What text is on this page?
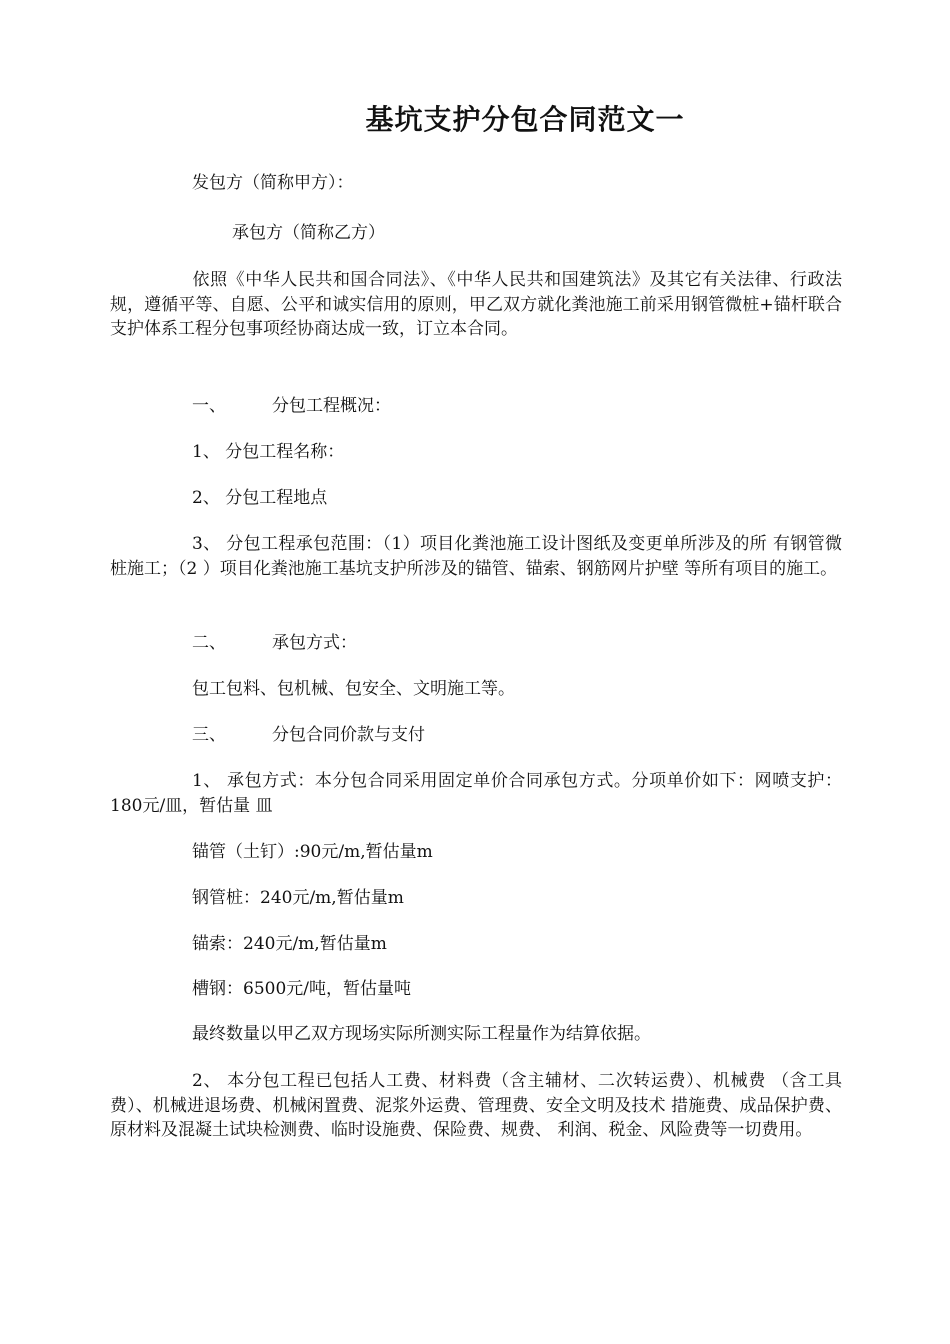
基坑支护分包合同范文一
发包方（简称甲方）：
承包方（简称乙方）
依照《中华人民共和国合同法》、《中华人民共和国建筑法》及其它有关法律、行政法规，遵循平等、自愿、公平和诚实信用的原则，甲乙双方就化粪池施工前采用钢管微桩+锚杆联合支护体系工程分包事项经协商达成一致，订立本合同。
一、	分包工程概况：
1、 分包工程名称：
2、 分包工程地点
3、 分包工程承包范围：（1）项目化粪池施工设计图纸及变更单所涉及的所 有钢管微桩施工；（2 ）项目化粪池施工基坑支护所涉及的锚管、锚索、钢筋网片护壁 等所有项目的施工。
二、	承包方式：
包工包料、包机械、包安全、文明施工等。
三、	分包合同价款与支付
1、 承包方式：本分包合同采用固定单价合同承包方式。分项单价如下：网喷支护：180元/皿，暂估量 皿
锚管（土钉）:90元/m,暂估量m
钢管桩：240元/m,暂估量m
锚索：240元/m,暂估量m
槽钢：6500元/吨，暂估量吨
最终数量以甲乙双方现场实际所测实际工程量作为结算依据。
2、 本分包工程已包括人工费、材料费（含主辅材、二次转运费）、机械费 （含工具费）、机械进退场费、机械闲置费、泥浆外运费、管理费、安全文明及技术 措施费、成品保护费、原材料及混凝土试块检测费、临时设施费、保险费、规费、 利润、税金、风险费等一切费用。
